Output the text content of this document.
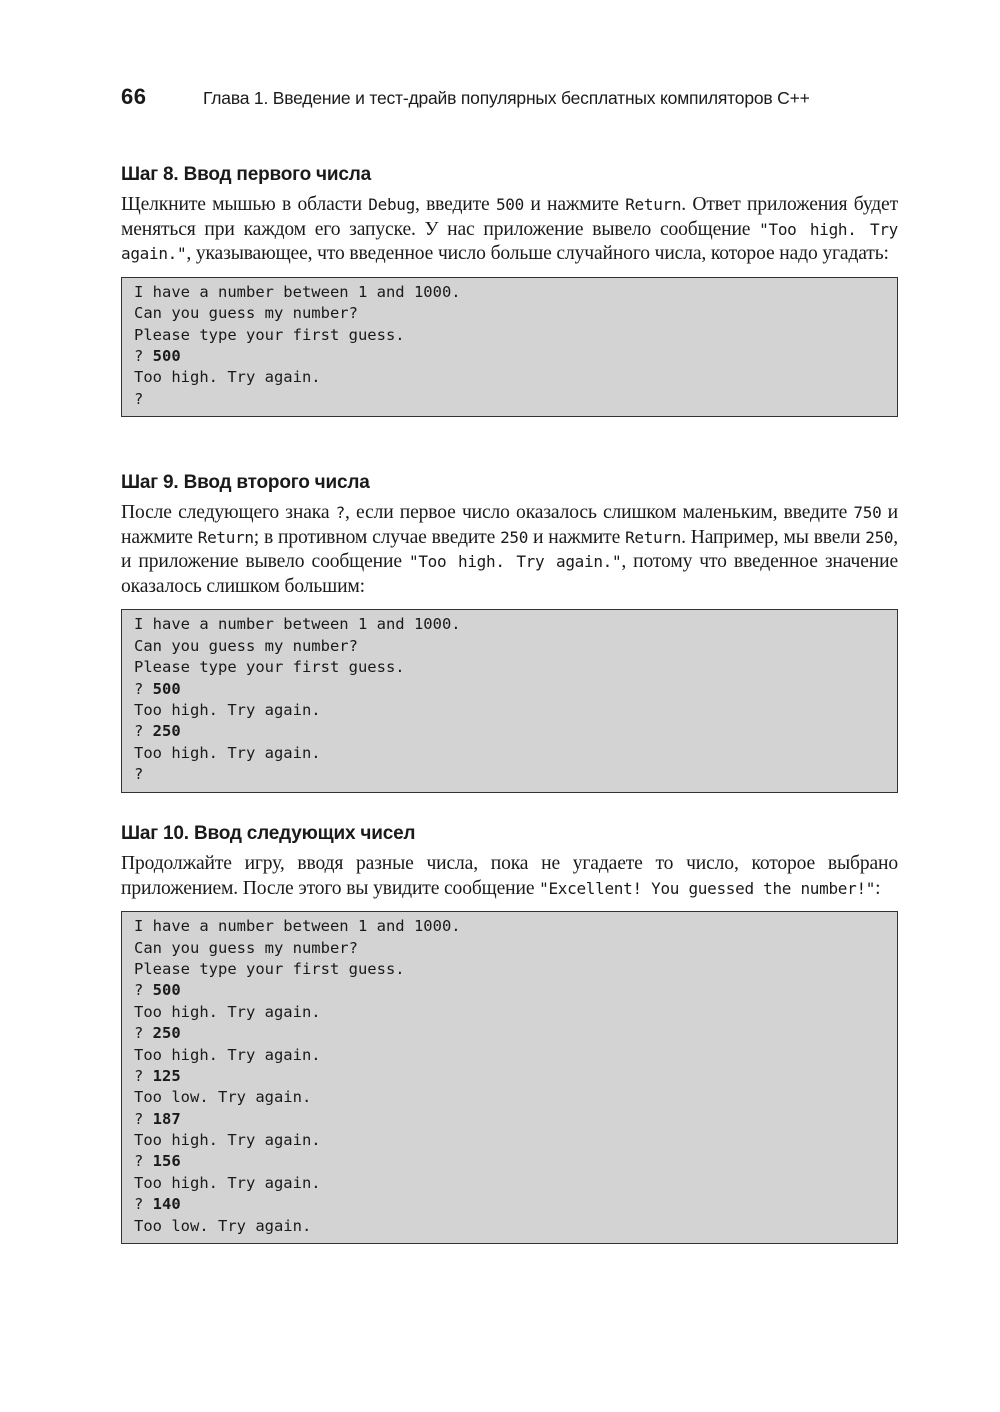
66	Глава 1. Введение и тест-драйв популярных бесплатных компиляторов С++
Шаг 8. Ввод первого числа

Щелкните мышью в области Debug, введите 500 и нажмите Return. Ответ приложения будет меняться при каждом его запуске. У нас приложение вывело сообщение "Too high. Try again.", указывающее, что введенное число больше случайного числа, которое надо угадать:

I have a number between 1 and 1000.
Can you guess my number?
Please type your first guess.
? 500
Too high. Try again.
?
Шаг 9. Ввод второго числа

После следующего знака ?, если первое число оказалось слишком маленьким, введите 750 и нажмите Return; в противном случае введите 250 и нажмите Return. Например, мы ввели 250, и приложение вывело сообщение "Too high. Try again.", потому что введенное значение оказалось слишком большим:

I have a number between 1 and 1000.
Can you guess my number?
Please type your first guess.
? 500
Too high. Try again.
? 250
Too high. Try again.
?
Шаг 10. Ввод следующих чисел

Продолжайте игру, вводя разные числа, пока не угадаете то число, которое выбрано приложением. После этого вы увидите сообщение "Excellent! You guessed the number!":

I have a number between 1 and 1000.
Can you guess my number?
Please type your first guess.
? 500
Too high. Try again.
? 250
Too high. Try again.
? 125
Too low. Try again.
? 187
Too high. Try again.
? 156
Too high. Try again.
? 140
Too low. Try again.
